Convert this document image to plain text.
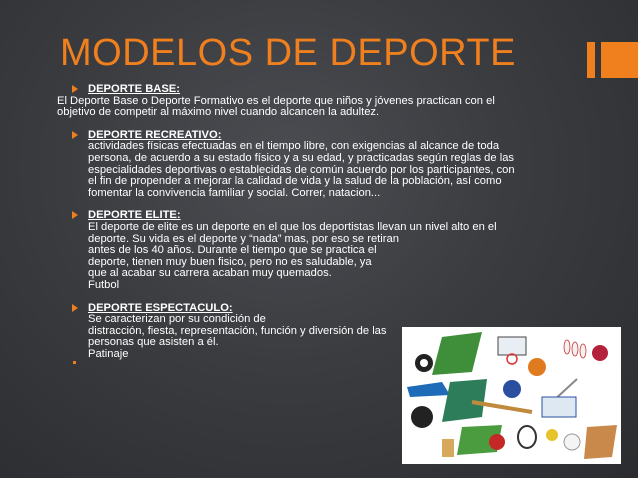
MODELOS DE DEPORTE
DEPORTE BASE:
El Deporte Base o Deporte Formativo es el deporte que niños y jóvenes practican con el
objetivo de competir al máximo nivel cuando alcancen la adultez.
DEPORTE RECREATIVO:
actividades físicas efectuadas en el tiempo libre, con exigencias al alcance de toda
persona, de acuerdo a su estado físico y a su edad, y practicadas según reglas de las
especialidades deportivas o establecidas de común acuerdo por los participantes, con
el fin de propender a mejorar la calidad de vida y la salud de la población, así como
fomentar la convivencia familiar y social. Correr, natacion...
DEPORTE ELITE:
El deporte de elite es un deporte en el que los deportistas llevan un nivel alto en el
deporte. Su vida es el deporte y “nada” mas, por eso se retiran
antes de los 40 años. Durante el tiempo que se practica el
deporte, tienen muy buen fisico, pero no es saludable, ya
que al acabar su carrera acaban muy quemados.
Futbol
DEPORTE ESPECTACULO:
Se caracterizan por su condición de
distracción, fiesta, representación, función y diversión de las
personas que asisten a él.
Patinaje
